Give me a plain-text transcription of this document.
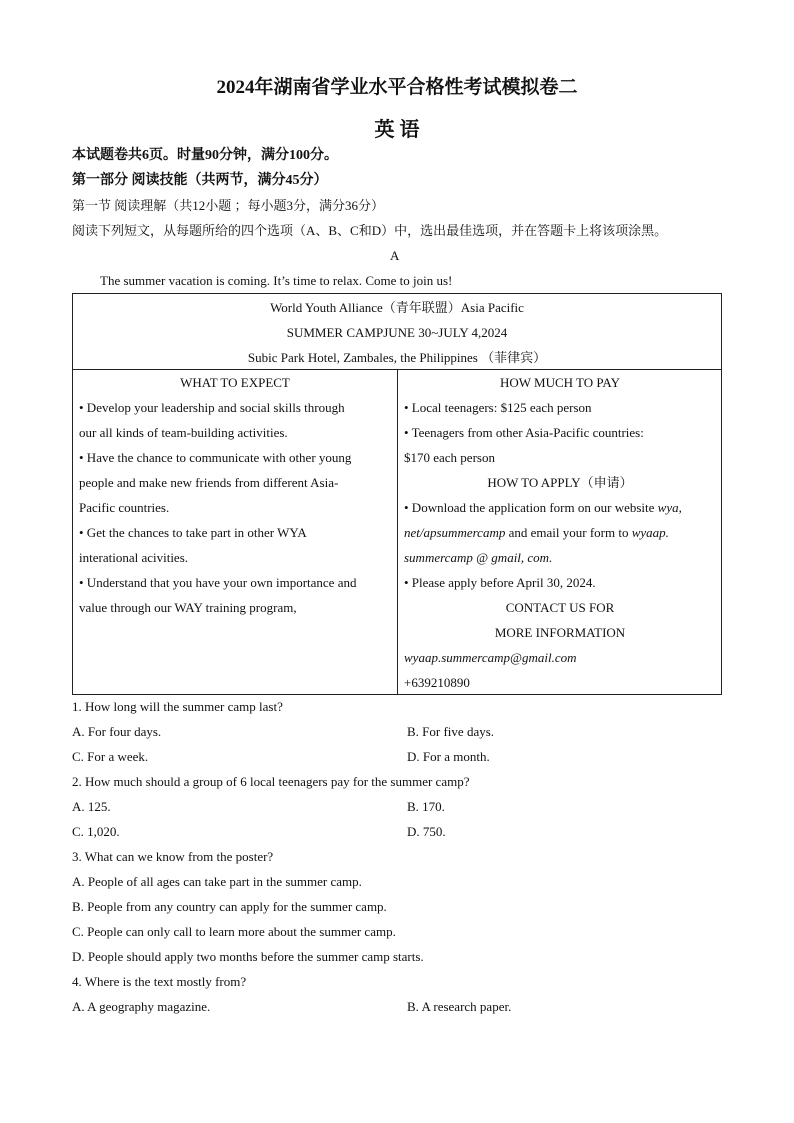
2024年湖南省学业水平合格性考试模拟卷二
英 语
本试题卷共6页。时量90分钟，满分100分。
第一部分 阅读技能（共两节，满分45分）
第一节 阅读理解（共12小题 ；每小题3分，满分36分）
阅读下列短文，从每题所给的四个选项（A、B、C和D）中，选出最佳选项，并在答题卡上将该项涂黑。
A
The summer vacation is coming. It’s time to relax. Come to join us!
World Youth Alliance（青年联盟）Asia Pacific
SUMMER CAMPJUNE 30~JULY 4,2024
Subic Park Hotel, Zambales, the Philippines （菲律宾）
WHAT TO EXPECT
• Develop your leadership and social skills through
our all kinds of team-building activities.
• Have the chance to communicate with other young
people and make new friends from different Asia-
Pacific countries.
• Get the chances to take part in other WYA
interational acivities.
• Understand that you have your own importance and
value through our WAY training program,
HOW MUCH TO PAY
• Local teenagers: $125 each person
• Teenagers from other Asia-Pacific countries:
$170 each person
HOW TO APPLY（申请）
• Download the application form on our website wya,
net/apsummercamp and email your form to wyaap.
summercamp @ gmail, com.
• Please apply before April 30, 2024.
CONTACT US FOR
MORE INFORMATION
wyaap.summercamp@gmail.com
+639210890
1. How long will the summer camp last?
A. For four days.	B. For five days.
C. For a week.	D. For a month.
2. How much should a group of 6 local teenagers pay for the summer camp?
A. 125.	B. 170.
C. 1,020.	D. 750.
3. What can we know from the poster?
A. People of all ages can take part in the summer camp.
B. People from any country can apply for the summer camp.
C. People can only call to learn more about the summer camp.
D. People should apply two months before the summer camp starts.
4. Where is the text mostly from?
A. A geography magazine.	B. A research paper.
